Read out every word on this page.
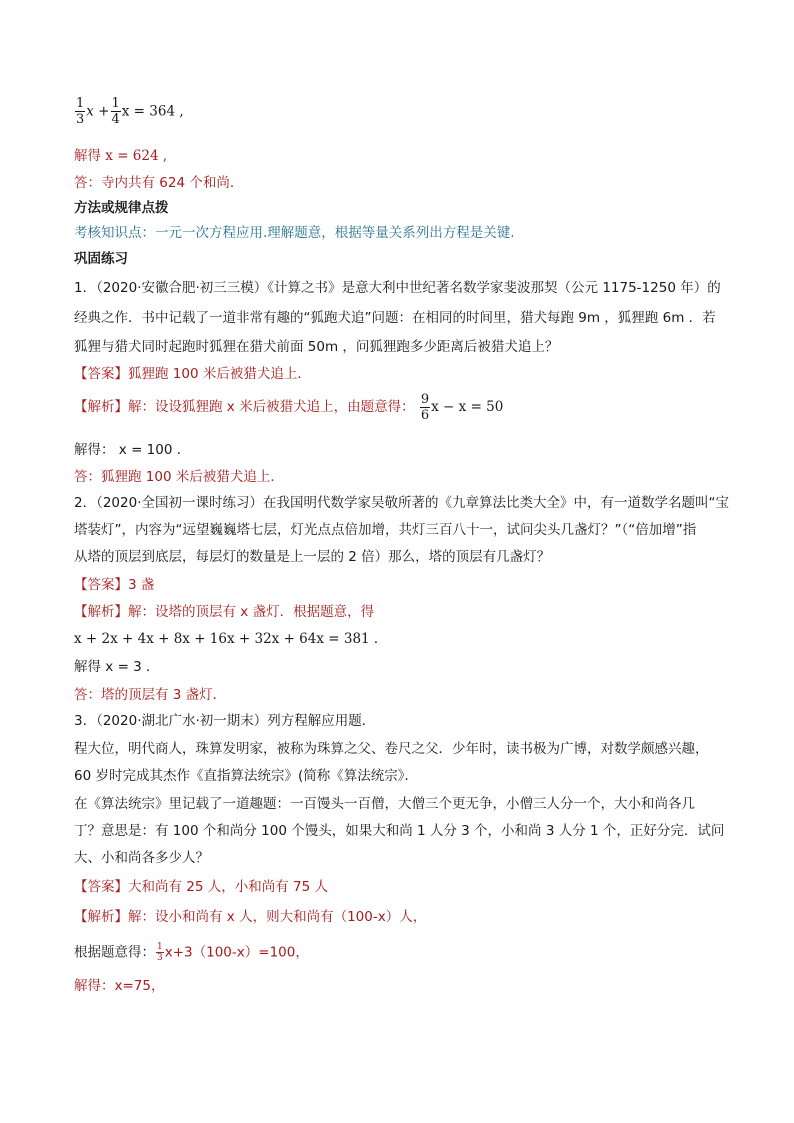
$\frac{1}{3}$ $x + \frac{1}{4}$ x = 364 ,
解得 x = 624 ,
答：寺内共有 624 个和尚．
方法或规律点拨
考核知识点：一元一次方程应用.理解题意，根据等量关系列出方程是关键.
巩固练习
1．（2020·安徽合肥·初三三模）《计算之书》是意大利中世纪著名数学家斐波那契（公元 1175-1250 年）的
经典之作．书中记载了一道非常有趣的“狐跑犬追”问题：在相同的时间里，猎犬每跑 9m ，狐狸跑 6m ．若
狐狸与猎犬同时起跑时狐狸在猎犬前面 50m ，问狐狸跑多少距离后被猎犬追上？
【答案】狐狸跑 100 米后被猎犬追上．
【解析】解：设设狐狸跑 x 米后被猎犬追上，由题意得： $\frac{9}{6}$ x − x = 50
解得： x = 100 ．
答：狐狸跑 100 米后被猎犬追上．
2．（2020·全国初一课时练习）在我国明代数学家吴敬所著的《九章算法比类大全》中，有一道数学名题叫“宝
塔装灯”，内容为“远望巍巍塔七层，灯光点点倍加增，共灯三百八十一，试问尖头几盏灯？”（“倍加增”指
从塔的顶层到底层，每层灯的数量是上一层的 2 倍）那么，塔的顶层有几盏灯？
【答案】3 盏
【解析】解：设塔的顶层有 x 盏灯．根据题意，得
x + 2x + 4x + 8x + 16x + 32x + 64x = 381 ．
解得 x = 3 ．
答：塔的顶层有 3 盏灯．
3．（2020·湖北广水·初一期末）列方程解应用题．
程大位，明代商人，珠算发明家，被称为珠算之父、卷尺之父．少年时，读书极为广博，对数学颇感兴趣，
60 岁时完成其杰作《直指算法统宗》(简称《算法统宗》．
在《算法统宗》里记载了一道趣题：一百馒头一百僧，大僧三个更无争，小僧三人分一个，大小和尚各几
丁？意思是：有 100 个和尚分 100 个馒头，如果大和尚 1 人分 3 个，小和尚 3 人分 1 个，正好分完．试问
大、小和尚各多少人？
【答案】大和尚有 25 人，小和尚有 75 人
【解析】解：设小和尚有 x 人，则大和尚有（100-x）人，
根据题意得： $\frac{1}{3} x+3(100-x)=100$，
解得：x=75，
